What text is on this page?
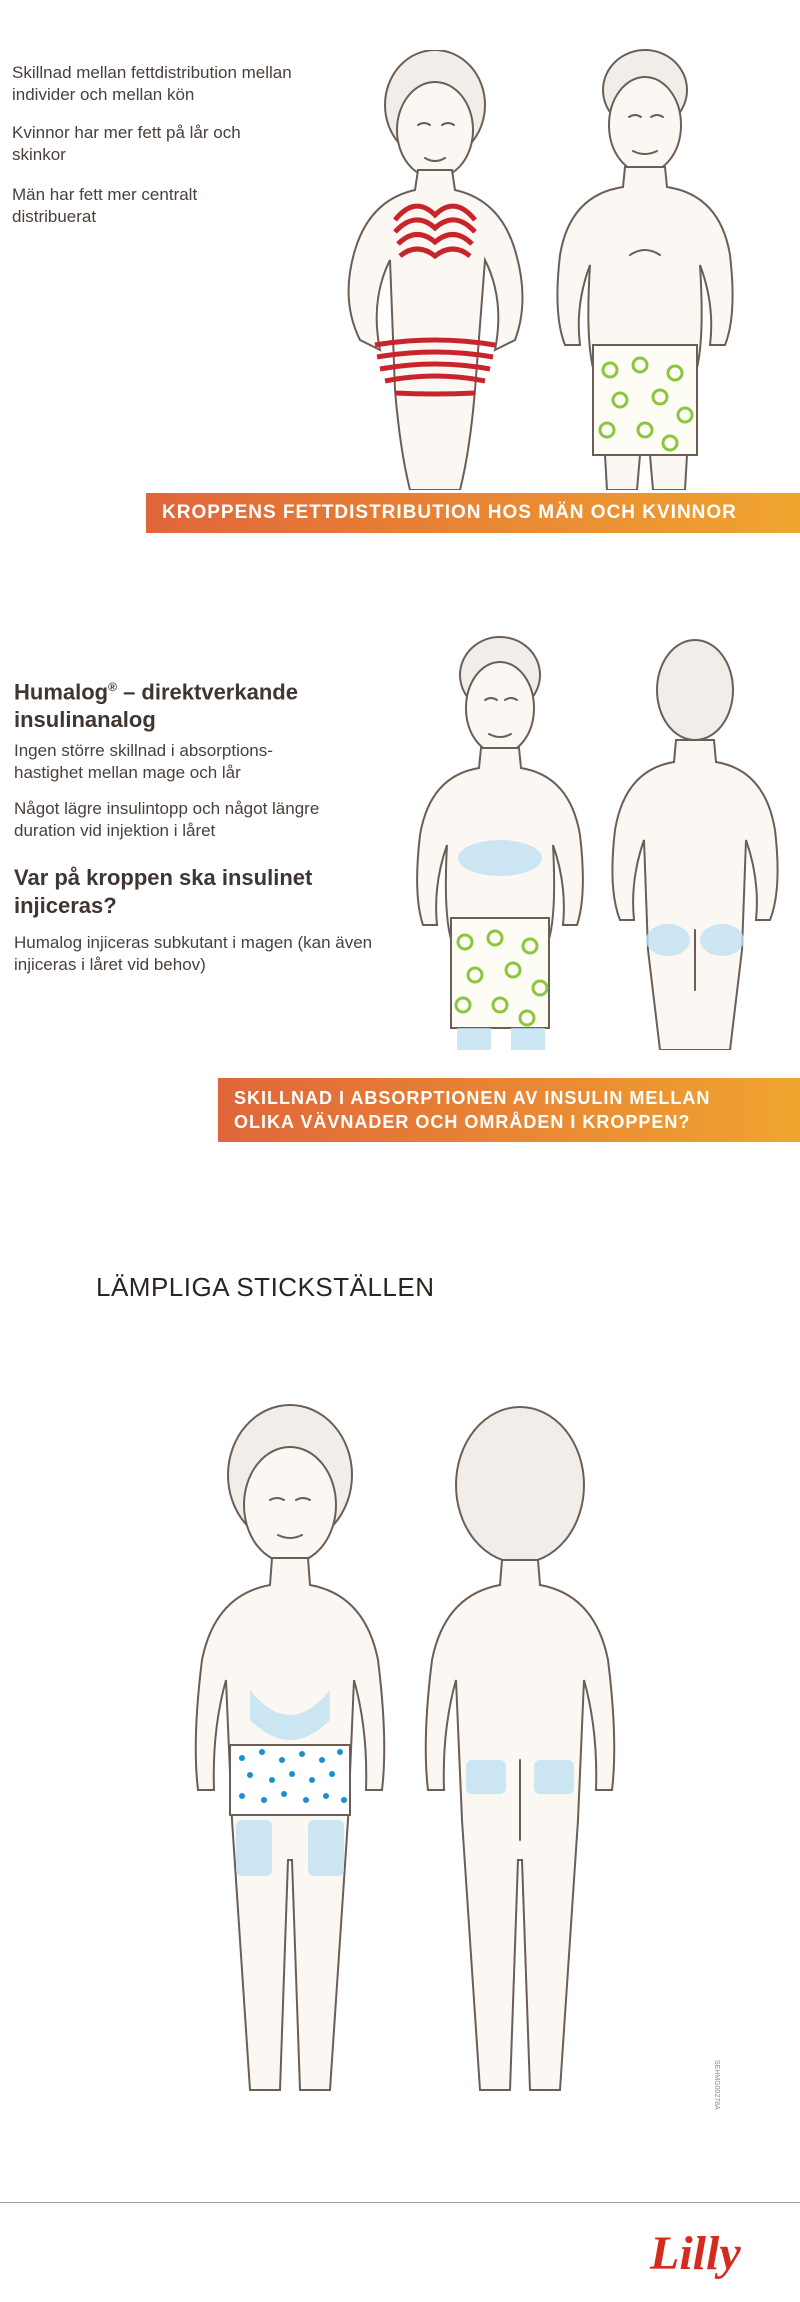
Skillnad mellan fettdistribution mellan individer och mellan kön
Kvinnor har mer fett på lår och skinkor
Män har fett mer centralt distribuerat
KROPPENS FETTDISTRIBUTION HOS MÄN OCH KVINNOR
Humalog® – direktverkande insulinanalog
Ingen större skillnad i absorptions-hastighet mellan mage och lår
Något lägre insulintopp och något längre duration vid injektion i låret
Var på kroppen ska insulinet injiceras?
Humalog injiceras subkutant i magen (kan även injiceras i låret vid behov)
SKILLNAD I ABSORPTIONEN AV INSULIN MELLAN
OLIKA VÄVNADER OCH OMRÅDEN I KROPPEN?
LÄMPLIGA STICKSTÄLLEN
SEHMG00278A
Lilly
